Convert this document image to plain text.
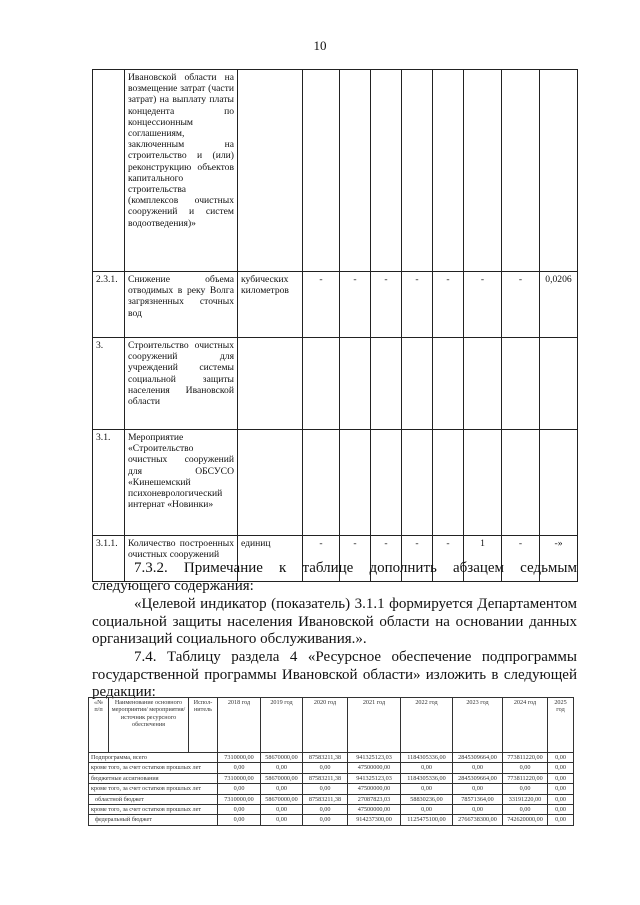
10
	Ивановской области на возмещение затрат (части затрат) на выплату платы концедента по концессионным соглашениям, заключенным на строительство и (или) реконструкцию объектов капитального строительства (комплексов очистных сооружений и систем водоотведения)»									
2.3.1.	Снижение объема отводимых в реку Волга загрязненных сточных вод	кубических километров	-	-	-	-	-	-	-	0,0206
3.	Строительство очистных сооружений для учреждений системы социальной защиты населения Ивановской области									
3.1.	Мероприятие «Строительство очистных сооружений для ОБСУСО «Кинешемский психоневрологический интернат «Новинки»									
3.1.1.	Количество построенных очистных сооружений	единиц	-	-	-	-	-	1	-	-»
7.3.2. Примечание к таблице дополнить абзацем седьмым следующего содержания:
«Целевой индикатор (показатель) 3.1.1 формируется Департаментом социальной защиты населения Ивановской области на основании данных организаций социального обслуживания.».
7.4. Таблицу раздела 4 «Ресурсное обеспечение подпрограммы государственной программы Ивановской области» изложить в следующей редакции:
«№ п/п	Наименование основного мероприятия/ мероприятия/ источник ресурсного обеспечения	Испол-нитель	2018 год	2019 год	2020 год	2021 год	2022 год	2023 год	2024 год	2025 год
Подпрограмма, всего			7310000,00	58670000,00	87583211,38	941325123,03	1184305336,00	2845309664,00	773811220,00	0,00
кроме того, за счет остатков прошлых лет			0,00	0,00	0,00	47500000,00	0,00	0,00	0,00	0,00
бюджетные ассигнования			7310000,00	58670000,00	87583211,38	941325123,03	1184305336,00	2845309664,00	773811220,00	0,00
кроме того, за счет остатков прошлых лет			0,00	0,00	0,00	47500000,00	0,00	0,00	0,00	0,00
областной бюджет			7310000,00	58670000,00	87583211,38	27087823,03	58830236,00	78571364,00	33191220,00	0,00
кроме того, за счет остатков прошлых лет			0,00	0,00	0,00	47500000,00	0,00	0,00	0,00	0,00
федеральный бюджет			0,00	0,00	0,00	914237300,00	1125475100,00	2766738300,00	742620000,00	0,00
